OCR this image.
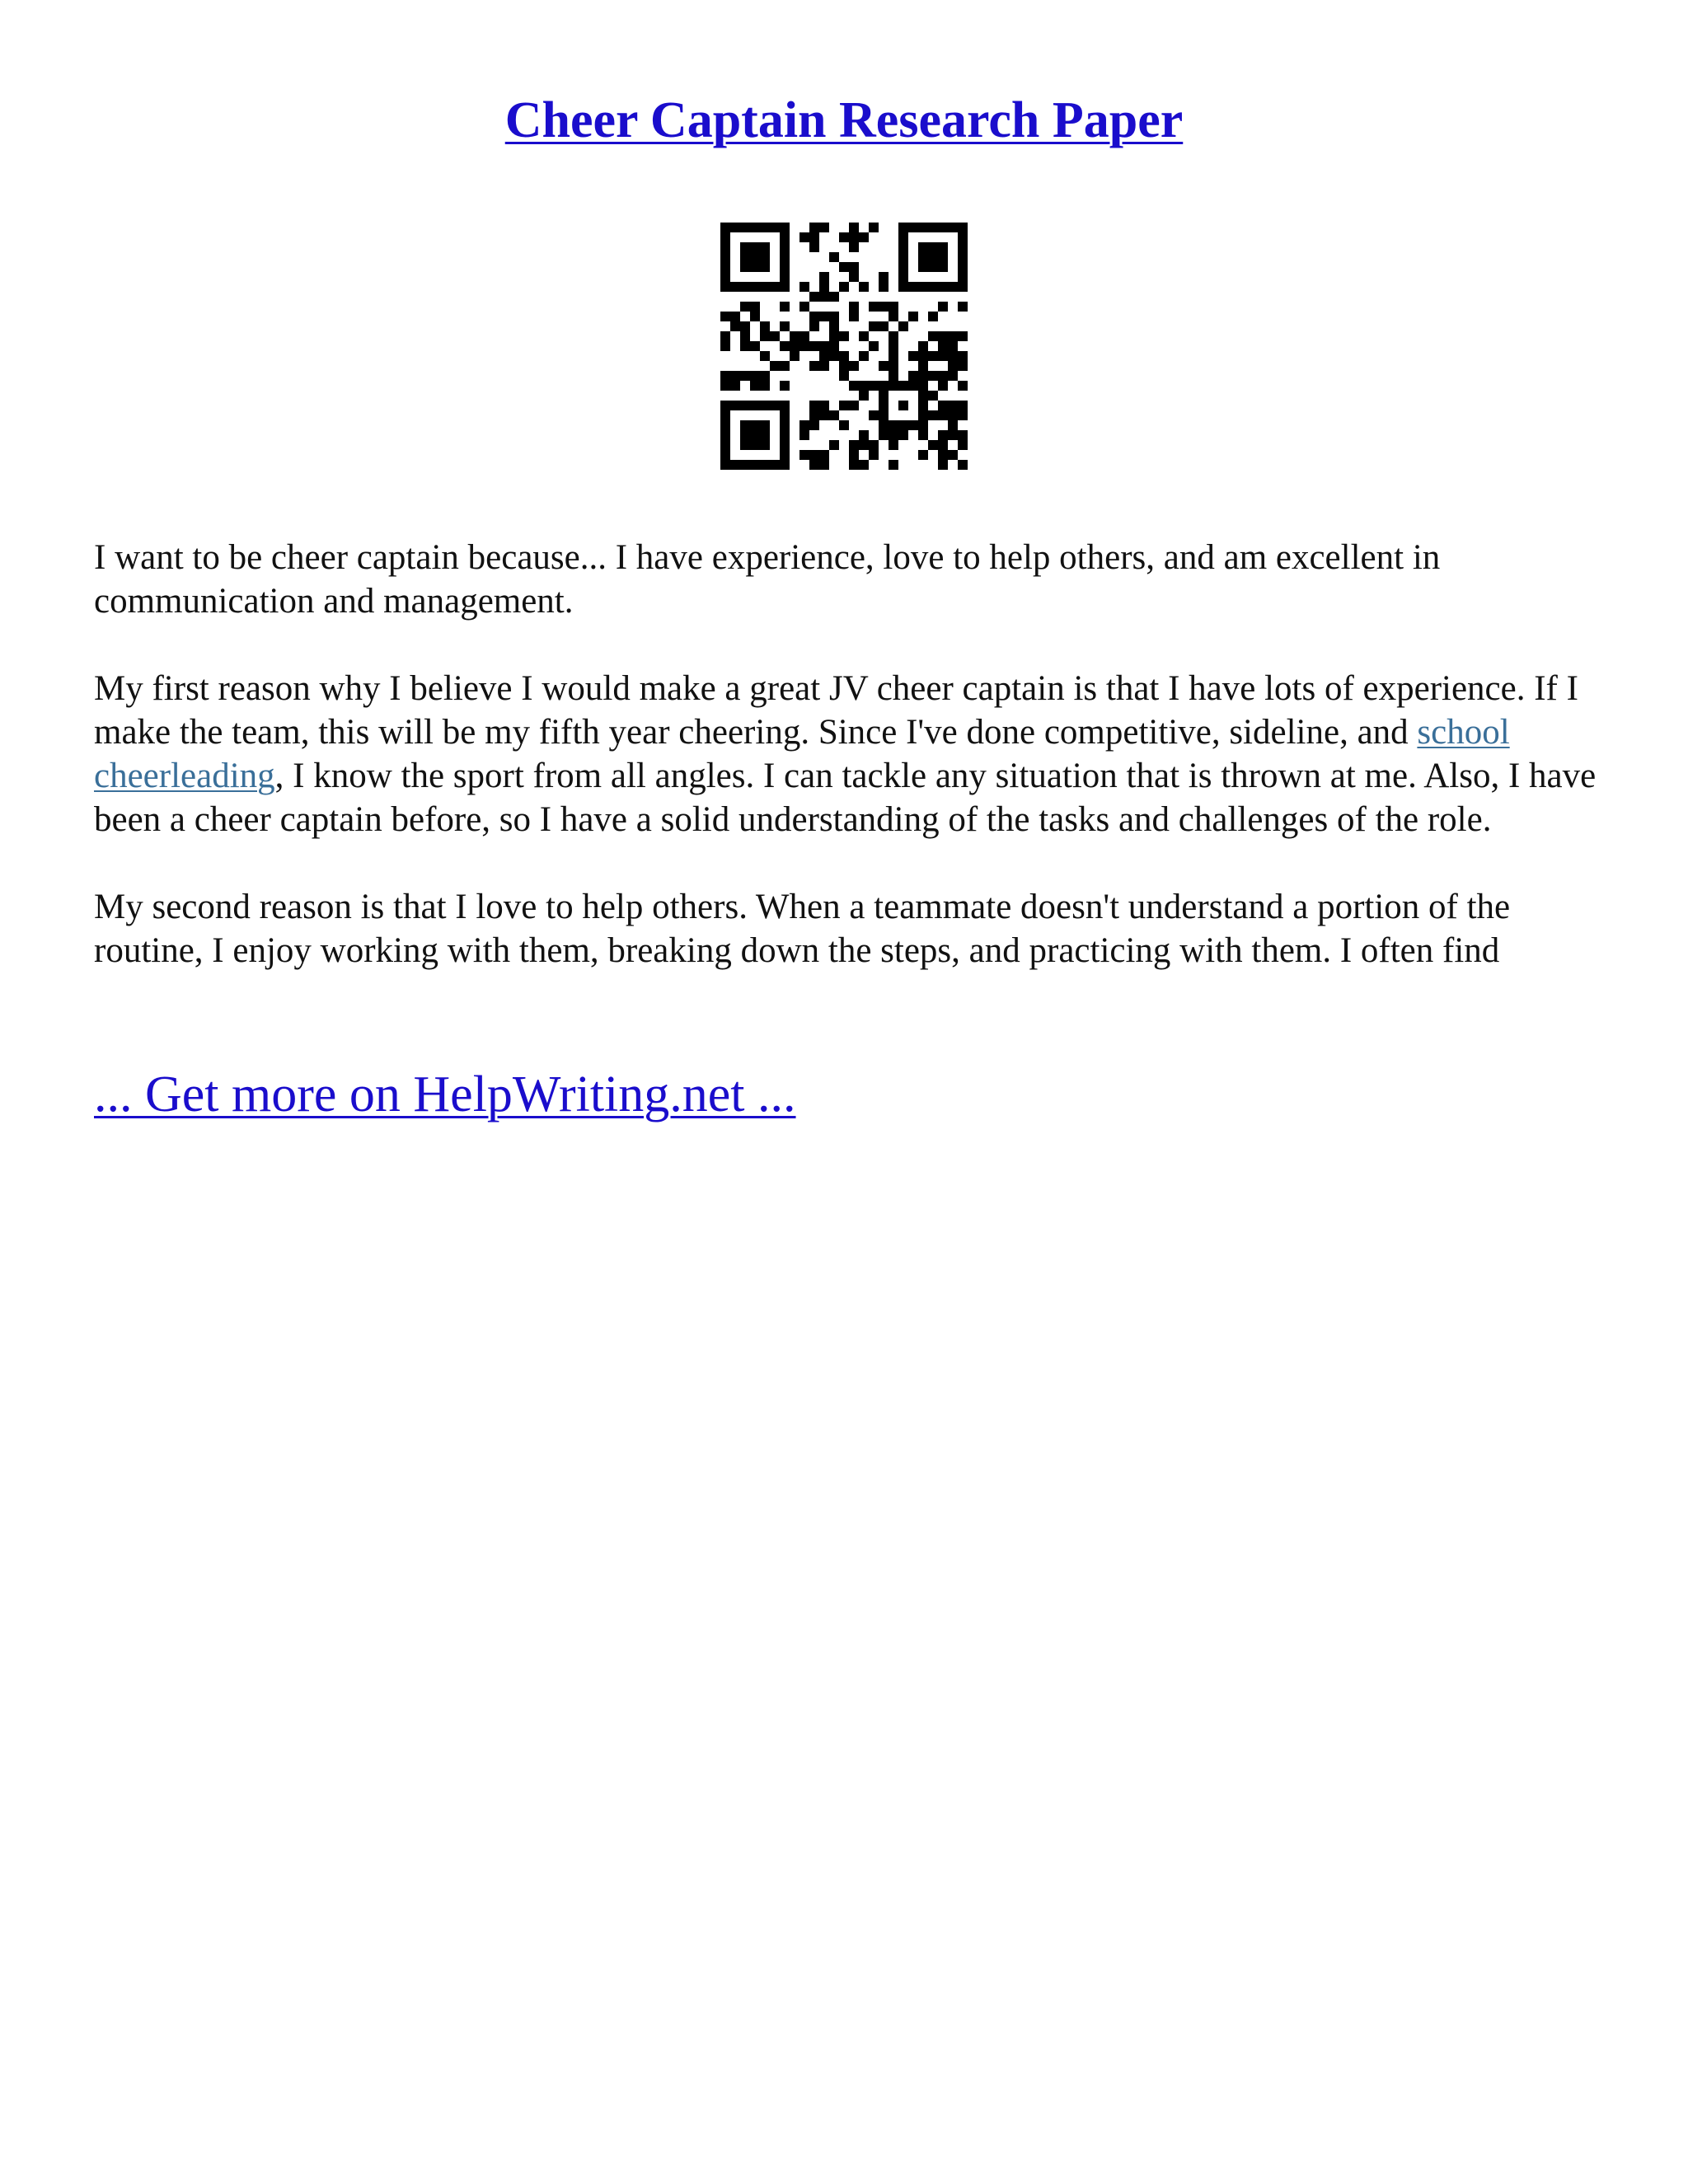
Cheer Captain Research Paper

I want to be cheer captain because... I have experience, love to help others, and am excellent in communication and management.

My first reason why I believe I would make a great JV cheer captain is that I have lots of experience. If I make the team, this will be my fifth year cheering. Since I've done competitive, sideline, and school cheerleading, I know the sport from all angles. I can tackle any situation that is thrown at me. Also, I have been a cheer captain before, so I have a solid understanding of the tasks and challenges of the role.

My second reason is that I love to help others. When a teammate doesn't understand a portion of the routine, I enjoy working with them, breaking down the steps, and practicing with them. I often find

... Get more on HelpWriting.net ...
